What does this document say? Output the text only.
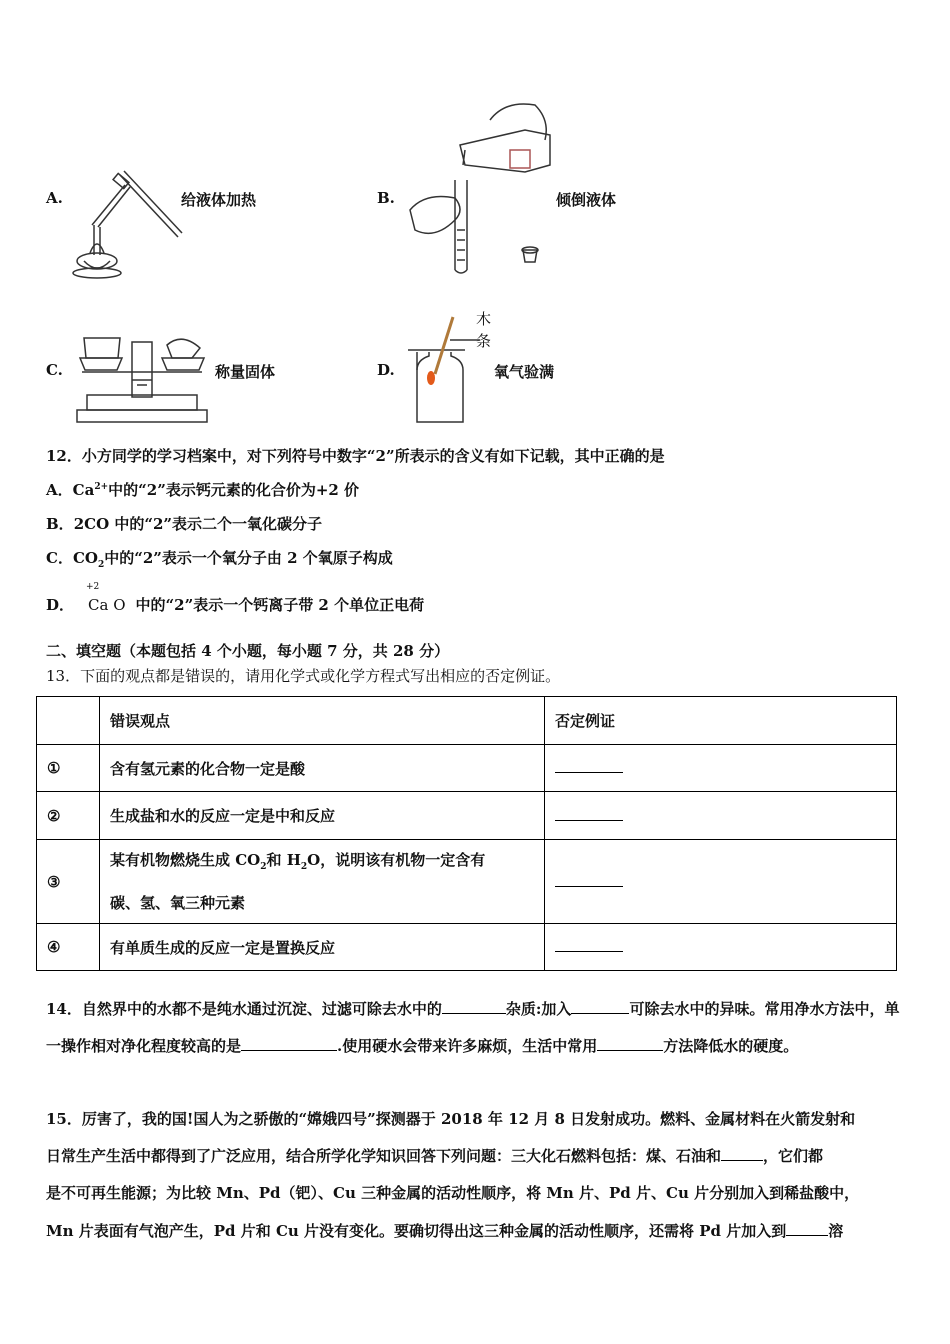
A.	给液体加热	B.	倾倒液体
C.	称量固体	D.
木
条
氧气验满
12．小方同学的学习档案中，对下列符号中数字“2”所表示的含义有如下记载，其中正确的是
A．$Ca^{2+}$中的“2”表示钙元素的化合价为+2 价
B．2CO 中的“2”表示二个一氧化碳分子
C．$CO_2$中的“2”表示一个氧分子由 2 个氧原子构成
+2
D． Ca O 中的“2”表示一个钙离子带 2 个单位正电荷
二、填空题（本题包括 4 个小题，每小题 7 分，共 28 分）
13．下面的观点都是错误的，请用化学式或化学方程式写出相应的否定例证。
	错误观点	否定例证
①	含有氢元素的化合物一定是酸	
②	生成盐和水的反应一定是中和反应	
③	某有机物燃烧生成 $CO_2$和 $H_2O$，说明该有机物一定含有
碳、氢、氧三种元素	
④	有单质生成的反应一定是置换反应	
14．自然界中的水都不是纯水通过沉淀、过滤可除去水中的	杂质:加入	可除去水中的异味。常用净水方法中，单一操作相对净化程度较高的是	.使用硬水会带来许多麻烦，生活中常用	方法降低水的硬度。
15．厉害了，我的国!国人为之骄傲的“嫦娥四号”探测器于 2018 年 12 月 8 日发射成功。燃料、金属材料在火箭发射和
日常生产生活中都得到了广泛应用，结合所学化学知识回答下列问题：三大化石燃料包括：煤、石油和	，它们都
是不可再生能源；为比较 Mn、Pd（钯）、Cu 三种金属的活动性顺序，将 Mn 片、Pd 片、Cu 片分别加入到稀盐酸中，
Mn 片表面有气泡产生，Pd 片和 Cu 片没有变化。要确切得出这三种金属的活动性顺序，还需将 Pd 片加入到	溶
